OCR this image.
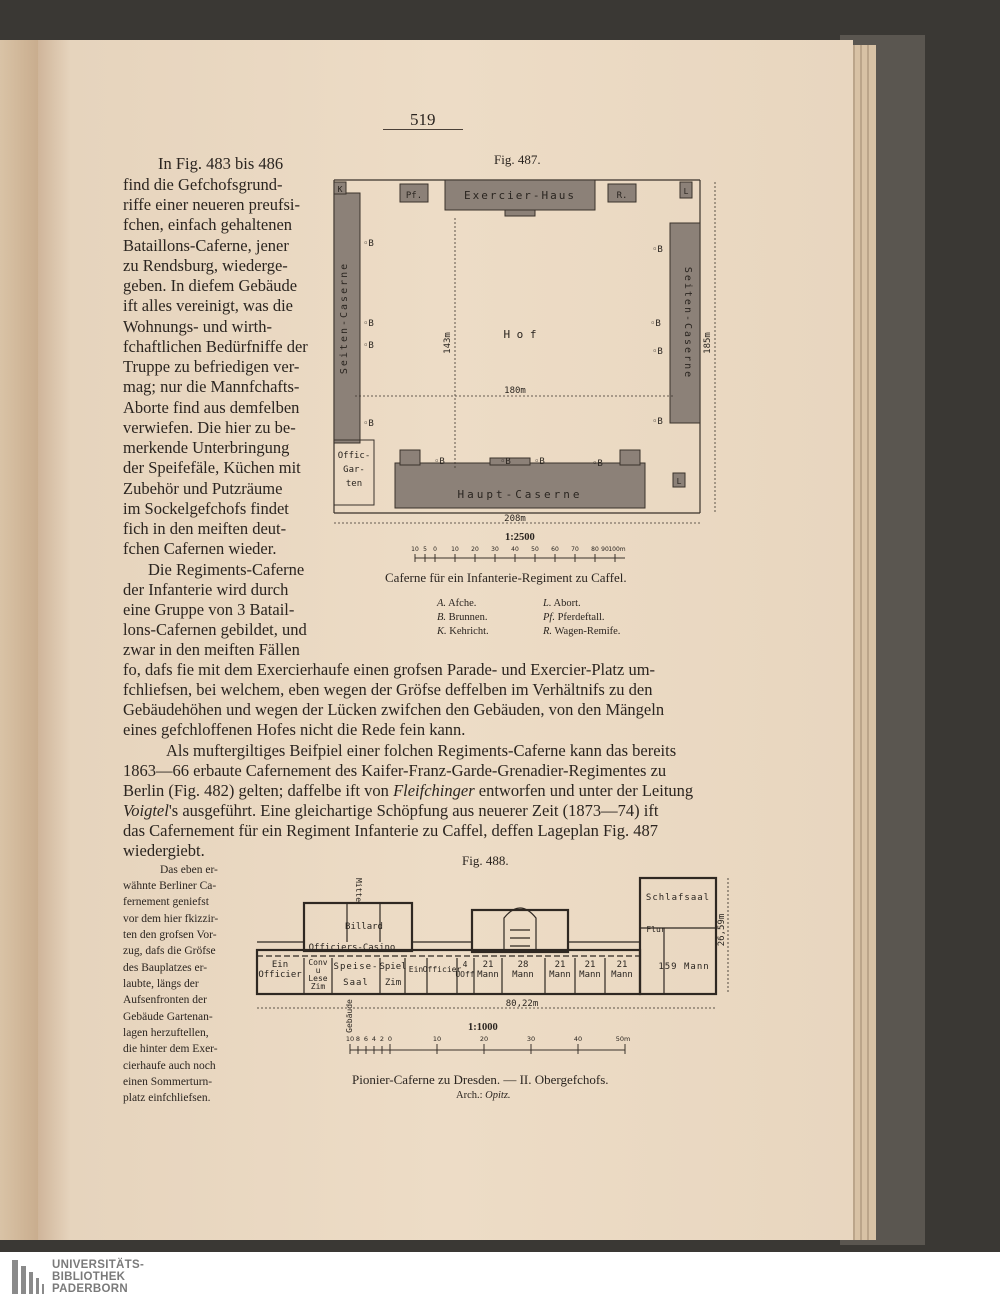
519
In Fig. 483 bis 486
find die Gefchofsgrund-
riffe einer neueren preufsi-
fchen, einfach gehaltenen
Bataillons-Caferne, jener
zu Rendsburg, wiederge-
geben. In diefem Gebäude
ift alles vereinigt, was die
Wohnungs- und wirth-
fchaftlichen Bedürfniffe der
Truppe zu befriedigen ver-
mag; nur die Mannfchafts-
Aborte find aus demfelben
verwiefen. Die hier zu be-
merkende Unterbringung
der Speifefäle, Küchen mit
Zubehör und Putzräume
im Sockelgefchofs findet
fich in den meiften deut-
fchen Cafernen wieder.
Die Regiments-Caferne
der Infanterie wird durch
eine Gruppe von 3 Batail-
lons-Cafernen gebildet, und
zwar in den meiften Fällen
fo, dafs fie mit dem Exercierhaufe einen grofsen Parade- und Exercier-Platz um-
fchliefsen, bei welchem, eben wegen der Gröfse deffelben im Verhältnifs zu den
Gebäudehöhen und wegen der Lücken zwifchen den Gebäuden, von den Mängeln
eines gefchloffenen Hofes nicht die Rede fein kann.
Als muftergiltiges Beifpiel einer folchen Regiments-Caferne kann das bereits
1863—66 erbaute Cafernement des Kaifer-Franz-Garde-Grenadier-Regimentes zu
Berlin (Fig. 482) gelten; daffelbe ift von Fleifchinger entworfen und unter der Leitung
Voigtel's ausgeführt. Eine gleichartige Schöpfung aus neuerer Zeit (1873—74) ift
das Cafernement für ein Regiment Infanterie zu Caffel, deffen Lageplan Fig. 487
wiedergiebt.
Das eben er-
wähnte Berliner Ca-
fernement geniefst
vor dem hier fkizzir-
ten den grofsen Vor-
zug, dafs die Gröfse
des Bauplatzes er-
laubte, längs der
Aufsenfronten der
Gebäude Gartenan-
lagen herzuftellen,
die hinter dem Exer-
cierhaufe auch noch
einen Sommerturn-
platz einfchliefsen.
Fig. 487.
Exercier-Haus
Haupt-Caserne
H o f
Pf.	R.
K	L
L
143m
180m
185m
208m
Seiten-Caserne	Seiten-Caserne
Offic-
Gar-
ten
◦B
◦B
◦B
◦B
◦B
◦B
◦B
◦B
◦B	◦B	◦B	◦B
1:2500
10 5 0 10 20 30 40 50 60 70 80 90 100m
Caferne für ein Infanterie-Regiment zu Caffel.
A. Afche.	L. Abort.
B. Brunnen.	Pf. Pferdeftall.
K. Kehricht.	R. Wagen-Remife.
Fig. 488.
Mitte
Billard
Officiers-Casino
Schlafsaal
Flur
Ein
Officier
Conv
u
Lese
Zim
Speise-
Saal
Spiel
Zim
Ein Officier
4
UOff
21
Mann
28
Mann
21
Mann
21
Mann
21
Mann
159 Mann
Gebäude	80,22m
26,59m
1:1000
10 8 6 4 2 0	10	20	30	40	50m
Pionier-Caferne zu Dresden. — II. Obergefchofs.
Arch.: Opitz.
UNIVERSITÄTS-
BIBLIOTHEK
PADERBORN
